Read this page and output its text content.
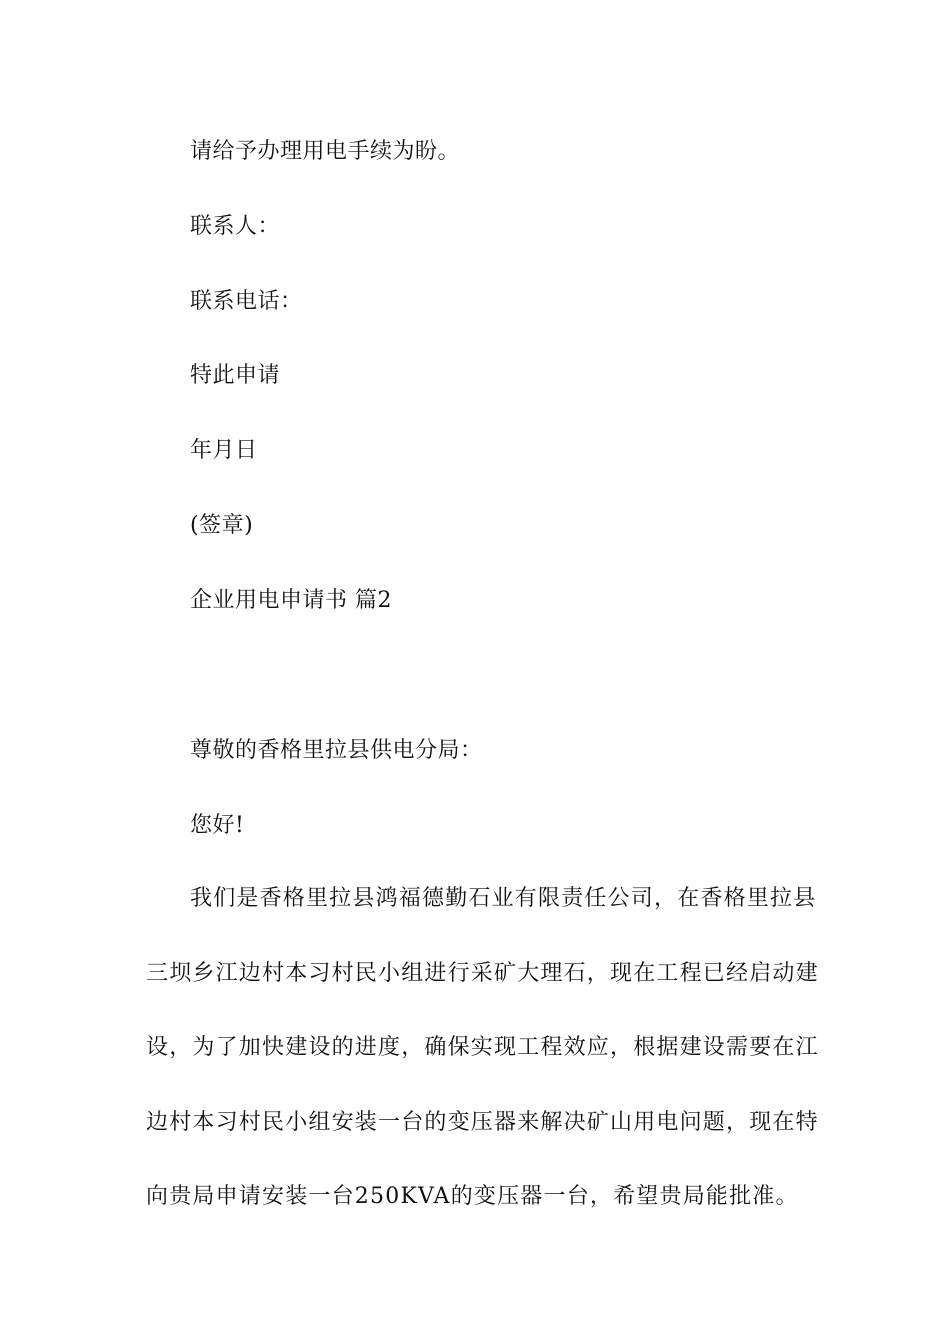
请给予办理用电手续为盼。
联系人：
联系电话：
特此申请
年月日
(签章)
企业用电申请书 篇2
尊敬的香格里拉县供电分局：
您好!
我们是香格里拉县鸿福德勤石业有限责任公司，在香格里拉县
三坝乡江边村本习村民小组进行采矿大理石，现在工程已经启动建
设，为了加快建设的进度，确保实现工程效应，根据建设需要在江
边村本习村民小组安装一台的变压器来解决矿山用电问题，现在特
向贵局申请安装一台250KVA的变压器一台，希望贵局能批准。
